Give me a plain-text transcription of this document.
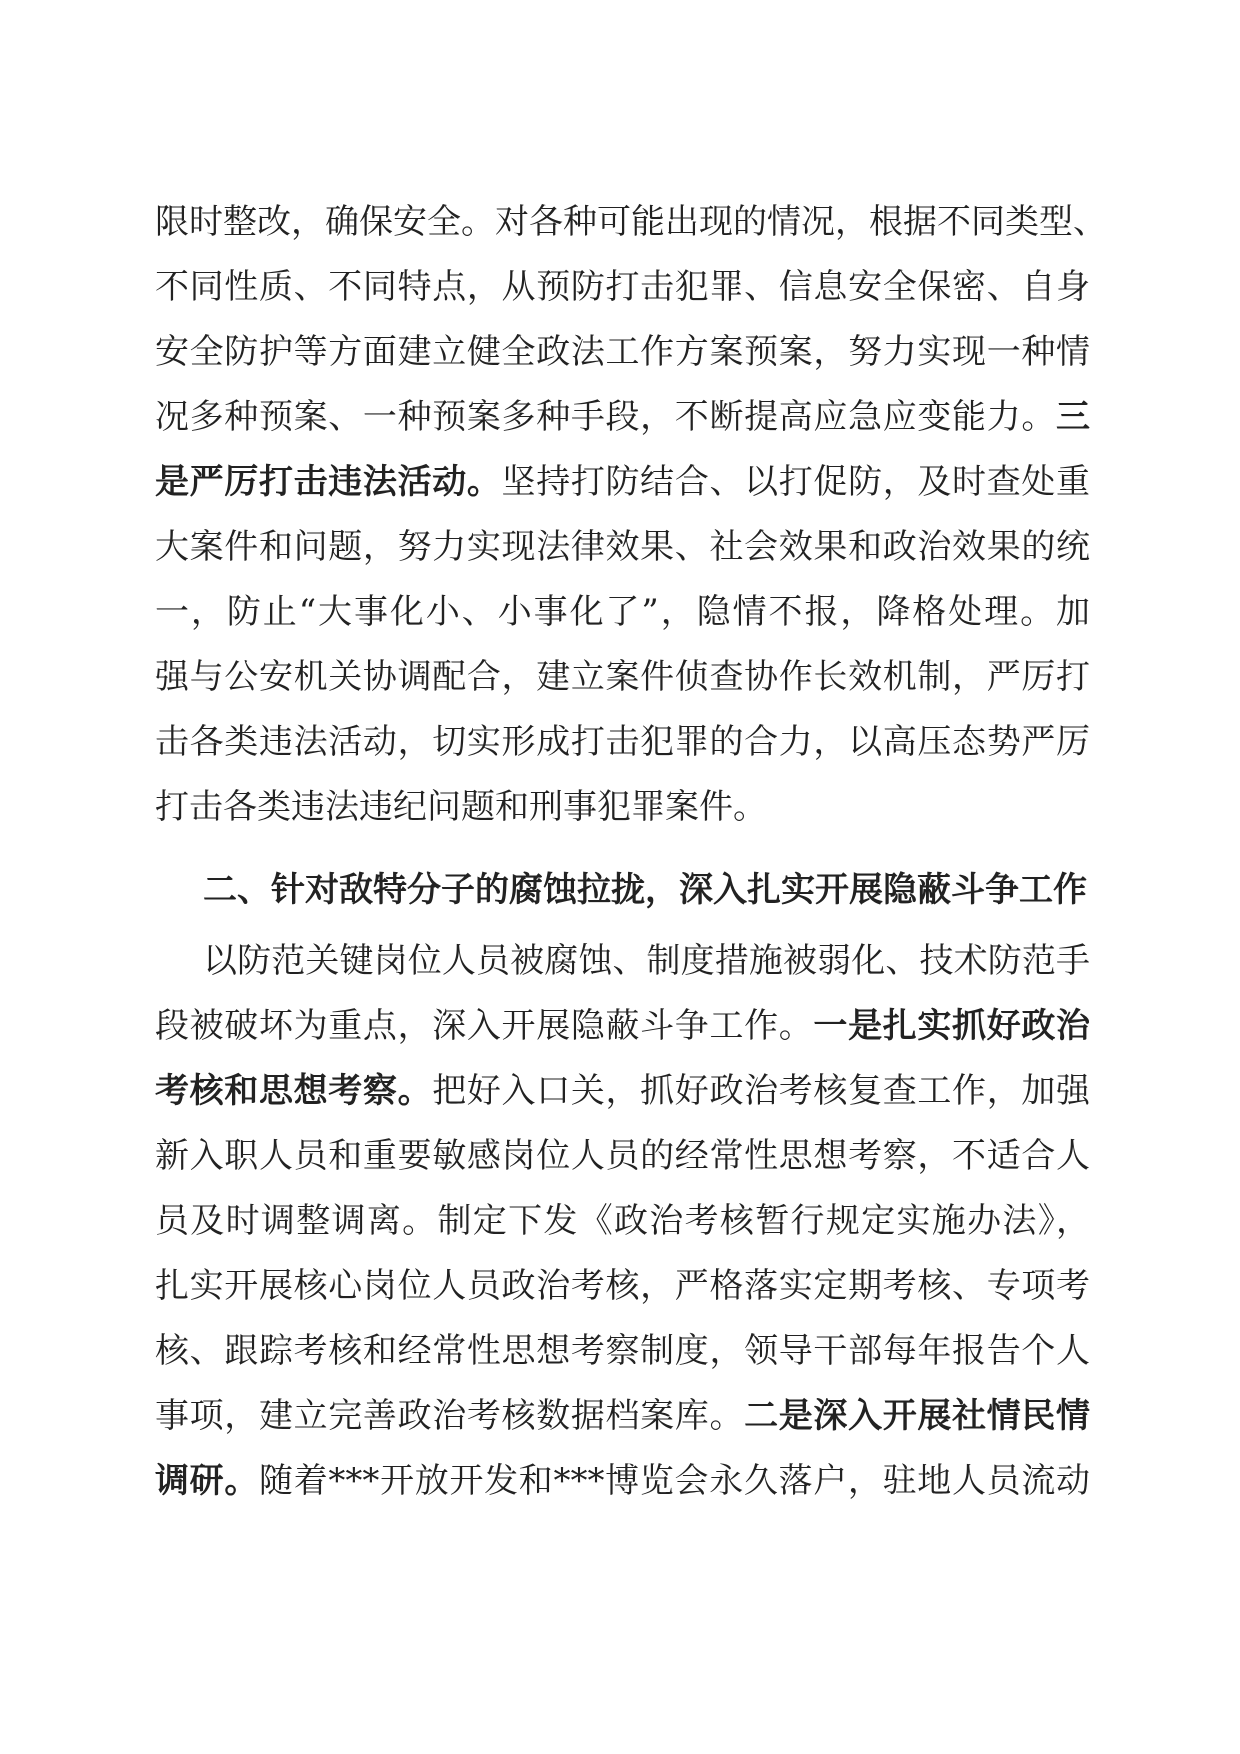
限时整改，确保安全。对各种可能出现的情况，根据不同类型、
不同性质、不同特点，从预防打击犯罪、信息安全保密、自身
安全防护等方面建立健全政法工作方案预案，努力实现一种情
况多种预案、一种预案多种手段，不断提高应急应变能力。三
是严厉打击违法活动。坚持打防结合、以打促防，及时查处重
大案件和问题，努力实现法律效果、社会效果和政治效果的统
一，防止“大事化小、小事化了”，隐情不报，降格处理。加
强与公安机关协调配合，建立案件侦查协作长效机制，严厉打
击各类违法活动，切实形成打击犯罪的合力，以高压态势严厉
打击各类违法违纪问题和刑事犯罪案件。
二、针对敌特分子的腐蚀拉拢，深入扎实开展隐蔽斗争工作
以防范关键岗位人员被腐蚀、制度措施被弱化、技术防范手
段被破坏为重点，深入开展隐蔽斗争工作。一是扎实抓好政治
考核和思想考察。把好入口关，抓好政治考核复查工作，加强
新入职人员和重要敏感岗位人员的经常性思想考察，不适合人
员及时调整调离。制定下发《政治考核暂行规定实施办法》，
扎实开展核心岗位人员政治考核，严格落实定期考核、专项考
核、跟踪考核和经常性思想考察制度，领导干部每年报告个人
事项，建立完善政治考核数据档案库。二是深入开展社情民情
调研。随着***开放开发和***博览会永久落户，驻地人员流动
